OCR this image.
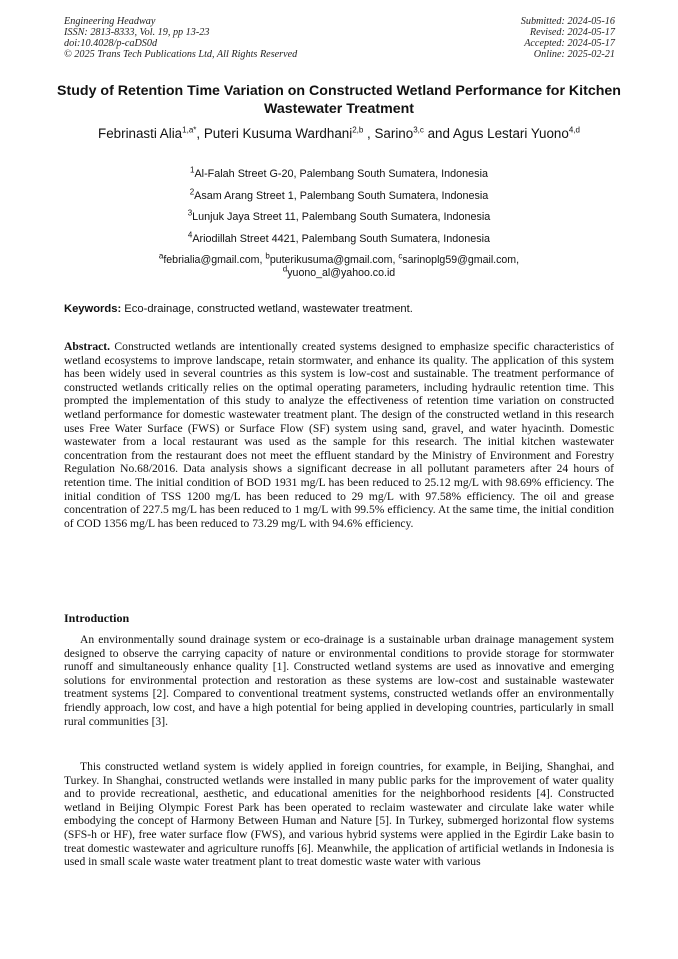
Engineering Headway
ISSN: 2813-8333, Vol. 19, pp 13-23
doi:10.4028/p-caDS0d
© 2025 Trans Tech Publications Ltd, All Rights Reserved
Submitted: 2024-05-16
Revised: 2024-05-17
Accepted: 2024-05-17
Online: 2025-02-21
Study of Retention Time Variation on Constructed Wetland Performance for Kitchen Wastewater Treatment
Febrinasti Alia$^{1,a*}$, Puteri Kusuma Wardhani$^{2,b}$ , Sarino$^{3,c}$ and Agus Lestari Yuono$^{4,d}$
$^1$Al-Falah Street G-20, Palembang South Sumatera, Indonesia
$^2$Asam Arang Street 1, Palembang South Sumatera, Indonesia
$^3$Lunjuk Jaya Street 11, Palembang South Sumatera, Indonesia
$^4$Ariodillah Street 4421, Palembang South Sumatera, Indonesia
$^a$febrialia@gmail.com, $^b$puterikusuma@gmail.com, $^c$sarinoplg59@gmail.com,
$^d$yuono_al@yahoo.co.id
Keywords: Eco-drainage, constructed wetland, wastewater treatment.

Abstract. Constructed wetlands are intentionally created systems designed to emphasize specific characteristics of wetland ecosystems to improve landscape, retain stormwater, and enhance its quality. The application of this system has been widely used in several countries as this system is low-cost and sustainable. The treatment performance of constructed wetlands critically relies on the optimal operating parameters, including hydraulic retention time. This prompted the implementation of this study to analyze the effectiveness of retention time variation on constructed wetland performance for domestic wastewater treatment plant. The design of the constructed wetland in this research uses Free Water Surface (FWS) or Surface Flow (SF) system using sand, gravel, and water hyacinth. Domestic wastewater from a local restaurant was used as the sample for this research. The initial kitchen wastewater concentration from the restaurant does not meet the effluent standard by the Ministry of Environment and Forestry Regulation No.68/2016. Data analysis shows a significant decrease in all pollutant parameters after 24 hours of retention time. The initial condition of BOD 1931 mg/L has been reduced to 25.12 mg/L with 98.69% efficiency. The initial condition of TSS 1200 mg/L has been reduced to 29 mg/L with 97.58% efficiency. The oil and grease concentration of 227.5 mg/L has been reduced to 1 mg/L with 99.5% efficiency. At the same time, the initial condition of COD 1356 mg/L has been reduced to 73.29 mg/L with 94.6% efficiency.

Introduction

An environmentally sound drainage system or eco-drainage is a sustainable urban drainage management system designed to observe the carrying capacity of nature or environmental conditions to provide storage for stormwater runoff and simultaneously enhance quality [1]. Constructed wetland systems are used as innovative and emerging solutions for environmental protection and restoration as these systems are low-cost and sustainable wastewater treatment systems [2]. Compared to conventional treatment systems, constructed wetlands offer an environmentally friendly approach, low cost, and have a high potential for being applied in developing countries, particularly in small rural communities [3].

This constructed wetland system is widely applied in foreign countries, for example, in Beijing, Shanghai, and Turkey. In Shanghai, constructed wetlands were installed in many public parks for the improvement of water quality and to provide recreational, aesthetic, and educational amenities for the neighborhood residents [4]. Constructed wetland in Beijing Olympic Forest Park has been operated to reclaim wastewater and circulate lake water while embodying the concept of Harmony Between Human and Nature [5]. In Turkey, submerged horizontal flow systems (SFS-h or HF), free water surface flow (FWS), and various hybrid systems were applied in the Egirdir Lake basin to treat domestic wastewater and agriculture runoffs [6]. Meanwhile, the application of artificial wetlands in Indonesia is used in small scale waste water treatment plant to treat domestic waste water with various
